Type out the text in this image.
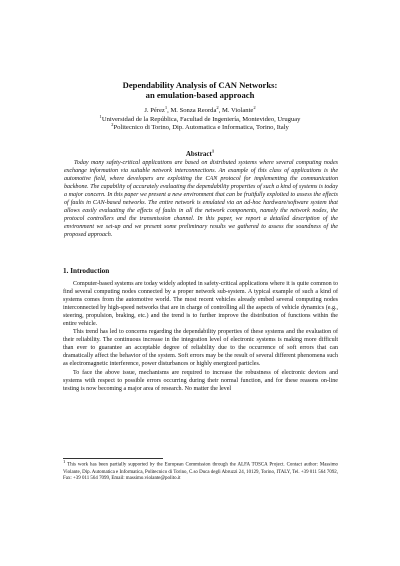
Dependability Analysis of CAN Networks:
an emulation-based approach
J. Pérez$^1$, M. Sonza Reorda$^2$, M. Violante$^2$
$^1$Universidad de la República, Facultad de Ingeniería, Montevideo, Uruguay
$^2$Politecnico di Torino, Dip. Automatica e Informatica, Torino, Italy
Abstract$^1$
Today many safety-critical applications are based on distributed systems where several computing nodes exchange information via suitable network interconnections. An example of this class of applications is the automotive field, where developers are exploiting the CAN protocol for implementing the communication backbone. The capability of accurately evaluating the dependability properties of such a kind of systems is today a major concern. In this paper we present a new environment that can be fruitfully exploited to assess the effects of faults in CAN-based networks. The entire network is emulated via an ad-hoc hardware/software system that allows easily evaluating the effects of faults in all the network components, namely the network nodes, the protocol controllers and the transmission channel. In this paper, we report a detailed description of the environment we set-up and we present some preliminary results we gathered to assess the soundness of the proposed approach.
1. Introduction

Computer-based systems are today widely adopted in safety-critical applications where it is quite common to find several computing nodes connected by a proper network sub-system. A typical example of such a kind of systems comes from the automotive world. The most recent vehicles already embed several computing nodes interconnected by high-speed networks that are in charge of controlling all the aspects of vehicle dynamics (e.g., steering, propulsion, braking, etc.) and the trend is to further improve the distribution of functions within the entire vehicle.

This trend has led to concerns regarding the dependability properties of these systems and the evaluation of their reliability. The continuous increase in the integration level of electronic systems is making more difficult than ever to guarantee an acceptable degree of reliability due to the occurrence of soft errors that can dramatically affect the behavior of the system. Soft errors may be the result of several different phenomena such as electromagnetic interference, power disturbances or highly energized particles.

To face the above issue, mechanisms are required to increase the robustness of electronic devices and systems with respect to possible errors occurring during their normal function, and for these reasons on-line testing is now becoming a major area of research. No matter the level

$^1$ This work has been partially supported by the European Commission through the ALFA TOSCA Project. Contact author: Massimo Violante, Dip. Automatica e Informatica, Politecnico di Torino, C.so Duca degli Abruzzi 24, 10129, Torino, ITALY, Tel. +39 011 564 7092, Fax: +39 011 564 7099, Email: massimo.violante@polito.it
